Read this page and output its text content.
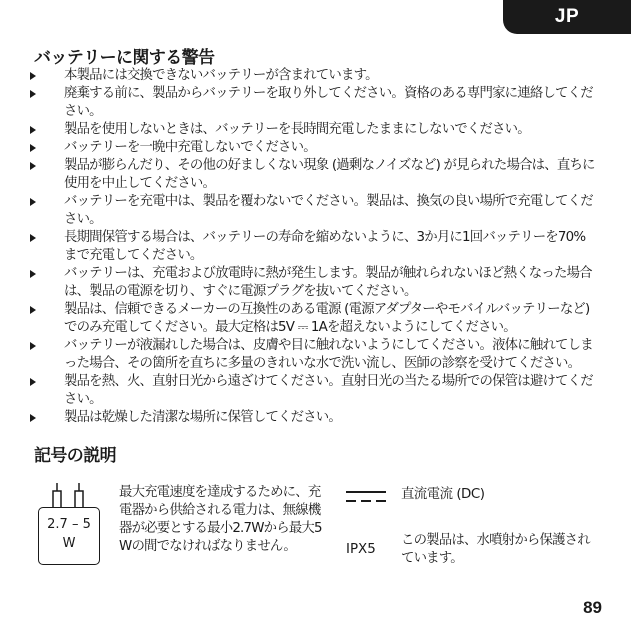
JP
バッテリーに関する警告
本製品には交換できないバッテリーが含まれています。
廃棄する前に、製品からバッテリーを取り外してください。資格のある専門家に連絡してください。
製品を使用しないときは、バッテリーを長時間充電したままにしないでください。
バッテリーを一晩中充電しないでください。
製品が膨らんだり、その他の好ましくない現象 (過剰なノイズなど) が見られた場合は、直ちに使用を中止してください。
バッテリーを充電中は、製品を覆わないでください。製品は、換気の良い場所で充電してください。
長期間保管する場合は、バッテリーの寿命を縮めないように、3か月に1回バッテリーを70%まで充電してください。
バッテリーは、充電および放電時に熱が発生します。製品が触れられないほど熱くなった場合は、製品の電源を切り、すぐに電源プラグを抜いてください。
製品は、信頼できるメーカーの互換性のある電源 (電源アダプターやモバイルバッテリーなど) でのみ充電してください。最大定格は5V ⎓ 1Aを超えないようにしてください。
バッテリーが液漏れした場合は、皮膚や目に触れないようにしてください。液体に触れてしまった場合、その箇所を直ちに多量のきれいな水で洗い流し、医師の診察を受けてください。
製品を熱、火、直射日光から遠ざけてください。直射日光の当たる場所での保管は避けてください。
製品は乾燥した清潔な場所に保管してください。
記号の説明
2.7 – 5
W

最大充電速度を達成するために、充電器から供給される電力は、無線機器が必要とする最小2.7Wから最大5Wの間でなければなりません。

直流電流 (DC)

IPX5

この製品は、水噴射から保護されています。

89
